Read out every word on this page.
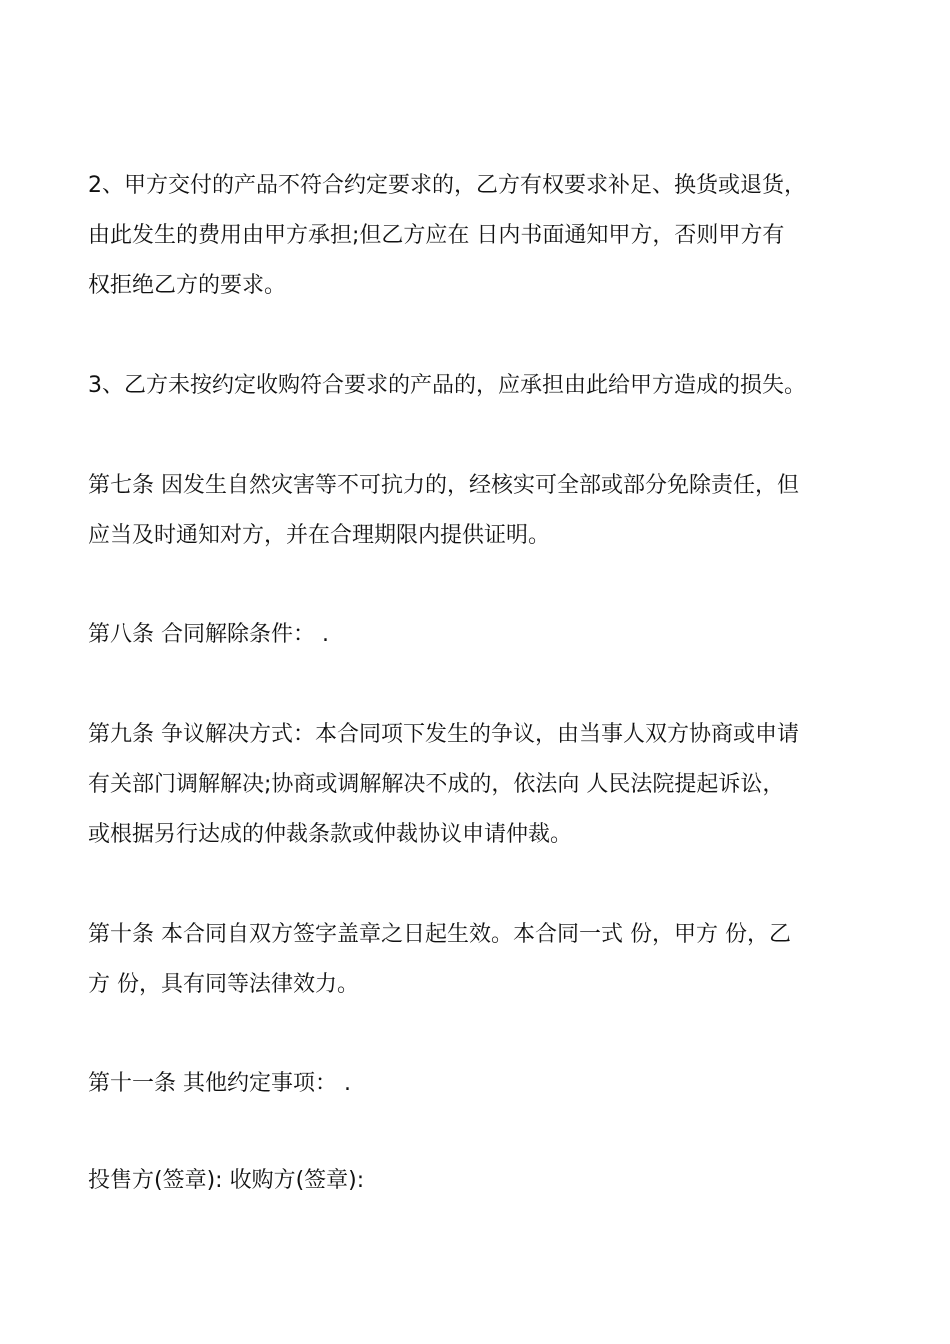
2、甲方交付的产品不符合约定要求的，乙方有权要求补足、换货或退货，
由此发生的费用由甲方承担;但乙方应在 日内书面通知甲方，否则甲方有
权拒绝乙方的要求。
3、乙方未按约定收购符合要求的产品的，应承担由此给甲方造成的损失。
第七条 因发生自然灾害等不可抗力的，经核实可全部或部分免除责任，但
应当及时通知对方，并在合理期限内提供证明。
第八条 合同解除条件： .
第九条 争议解决方式：本合同项下发生的争议，由当事人双方协商或申请
有关部门调解解决;协商或调解解决不成的，依法向 人民法院提起诉讼，
或根据另行达成的仲裁条款或仲裁协议申请仲裁。
第十条 本合同自双方签字盖章之日起生效。本合同一式 份，甲方 份，乙
方 份，具有同等法律效力。
第十一条 其他约定事项： .
投售方(签章): 收购方(签章):
